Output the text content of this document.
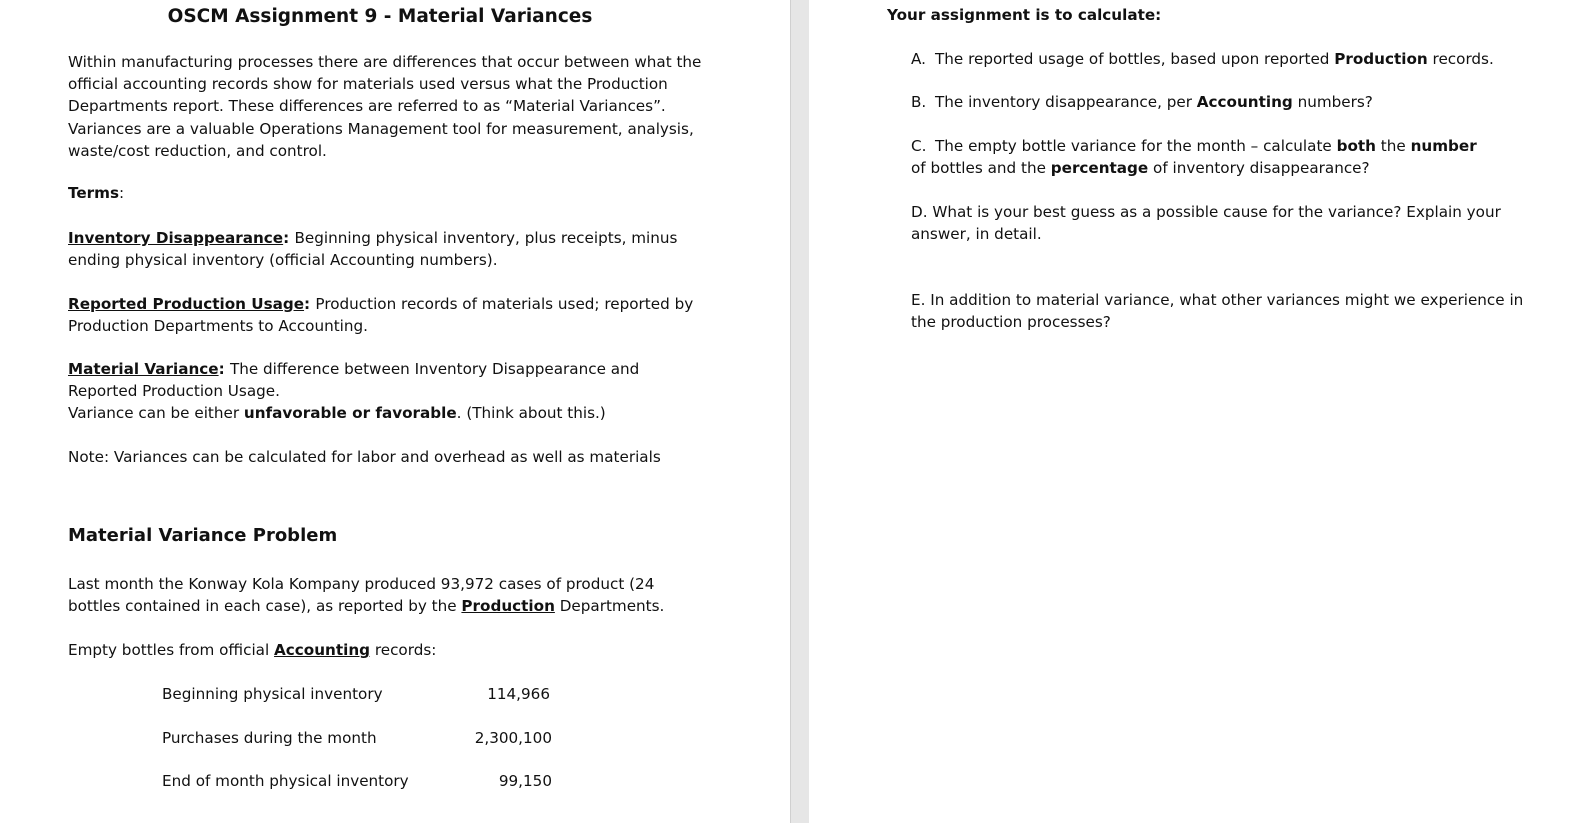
OSCM Assignment 9 - Material Variances
Within manufacturing processes there are differences that occur between what the official accounting records show for materials used versus what the Production Departments report. These differences are referred to as “Material Variances”. Variances are a valuable Operations Management tool for measurement, analysis, waste/cost reduction, and control.
Terms:
Inventory Disappearance: Beginning physical inventory, plus receipts, minus ending physical inventory (official Accounting numbers).
Reported Production Usage: Production records of materials used; reported by Production Departments to Accounting.
Material Variance: The difference between Inventory Disappearance and Reported Production Usage.
Variance can be either unfavorable or favorable. (Think about this.)
Note: Variances can be calculated for labor and overhead as well as materials
Material Variance Problem
Last month the Konway Kola Kompany produced 93,972 cases of product (24 bottles contained in each case), as reported by the Production Departments.
Empty bottles from official Accounting records:
Beginning physical inventory	114,966
Purchases during the month	2,300,100
End of month physical inventory	99,150
Your assignment is to calculate:
A. The reported usage of bottles, based upon reported Production records.
B. The inventory disappearance, per Accounting numbers?
C. The empty bottle variance for the month – calculate both the number of bottles and the percentage of inventory disappearance?
D. What is your best guess as a possible cause for the variance? Explain your answer, in detail.
E. In addition to material variance, what other variances might we experience in the production processes?
